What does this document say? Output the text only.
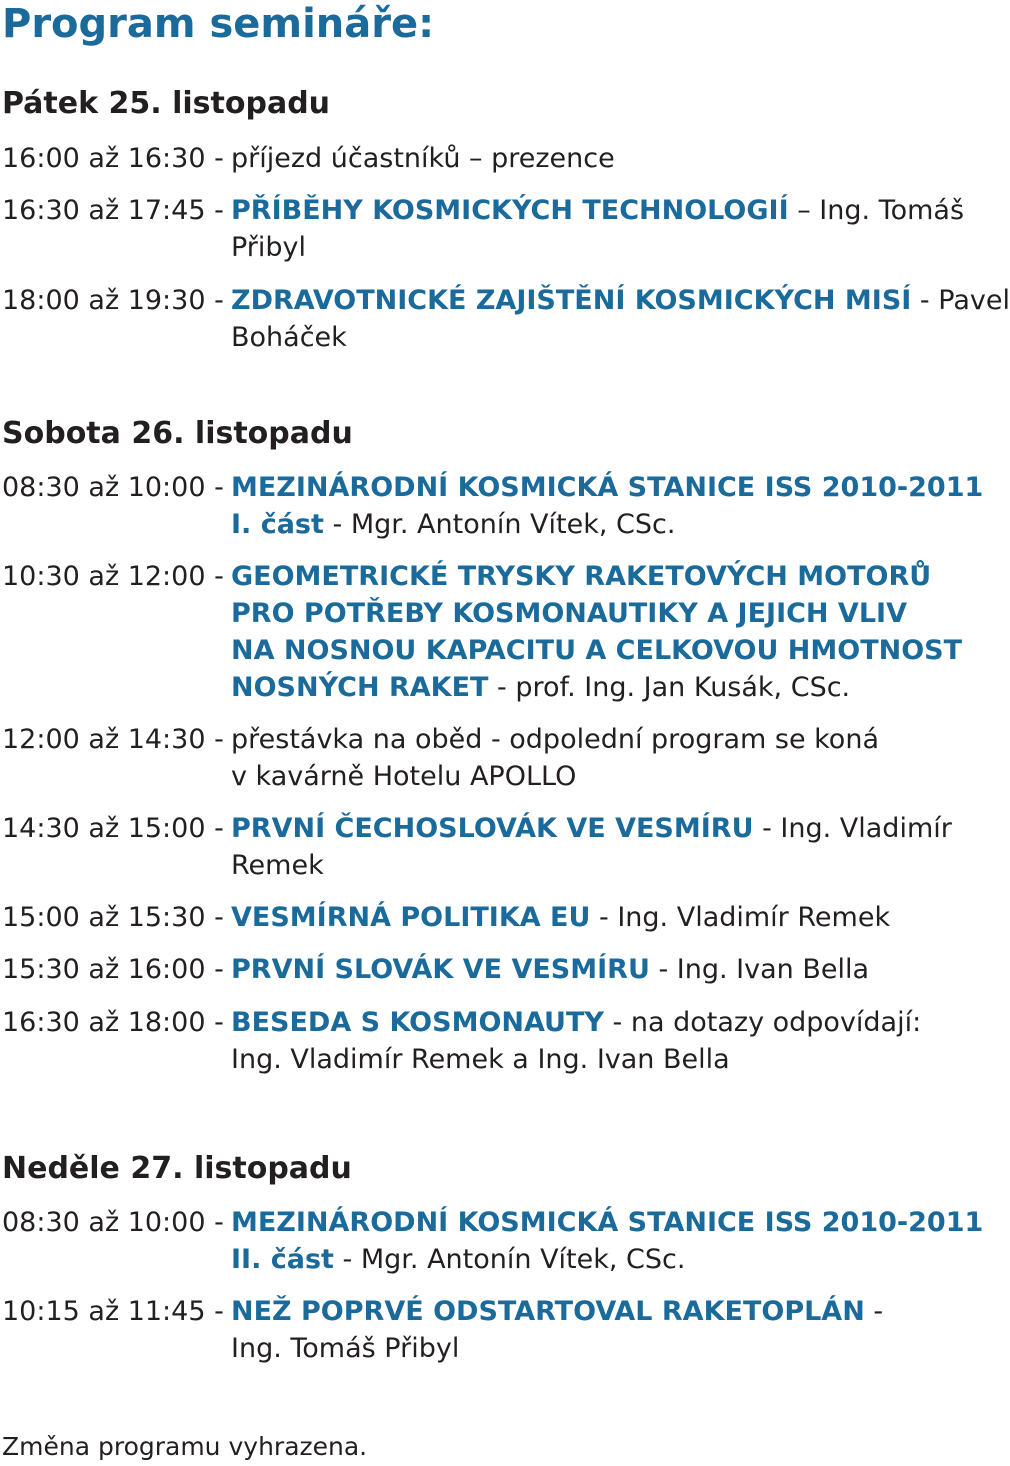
Program semináře:
Pátek 25. listopadu
16:00 až 16:30 - příjezd účastníků – prezence
16:30 až 17:45 - PŘÍBĚHY KOSMICKÝCH TECHNOLOGIÍ – Ing. Tomáš
Přibyl
18:00 až 19:30 - ZDRAVOTNICKÉ ZAJIŠTĚNÍ KOSMICKÝCH MISÍ - Pavel
Boháček
Sobota 26. listopadu
08:30 až 10:00 - MEZINÁRODNÍ KOSMICKÁ STANICE ISS 2010-2011
I. část - Mgr. Antonín Vítek, CSc.
10:30 až 12:00 - GEOMETRICKÉ TRYSKY RAKETOVÝCH MOTORŮ
PRO POTŘEBY KOSMONAUTIKY A JEJICH VLIV
NA NOSNOU KAPACITU A CELKOVOU HMOTNOST
NOSNÝCH RAKET - prof. Ing. Jan Kusák, CSc.
12:00 až 14:30 - přestávka na oběd - odpolední program se koná
v kavárně Hotelu APOLLO
14:30 až 15:00 - PRVNÍ ČECHOSLOVÁK VE VESMÍRU - Ing. Vladimír
Remek
15:00 až 15:30 - VESMÍRNÁ POLITIKA EU - Ing. Vladimír Remek
15:30 až 16:00 - PRVNÍ SLOVÁK VE VESMÍRU - Ing. Ivan Bella
16:30 až 18:00 - BESEDA S KOSMONAUTY - na dotazy odpovídají:
Ing. Vladimír Remek a Ing. Ivan Bella
Neděle 27. listopadu
08:30 až 10:00 - MEZINÁRODNÍ KOSMICKÁ STANICE ISS 2010-2011
II. část - Mgr. Antonín Vítek, CSc.
10:15 až 11:45 - NEŽ POPRVÉ ODSTARTOVAL RAKETOPLÁN -
Ing. Tomáš Přibyl
Změna programu vyhrazena.
